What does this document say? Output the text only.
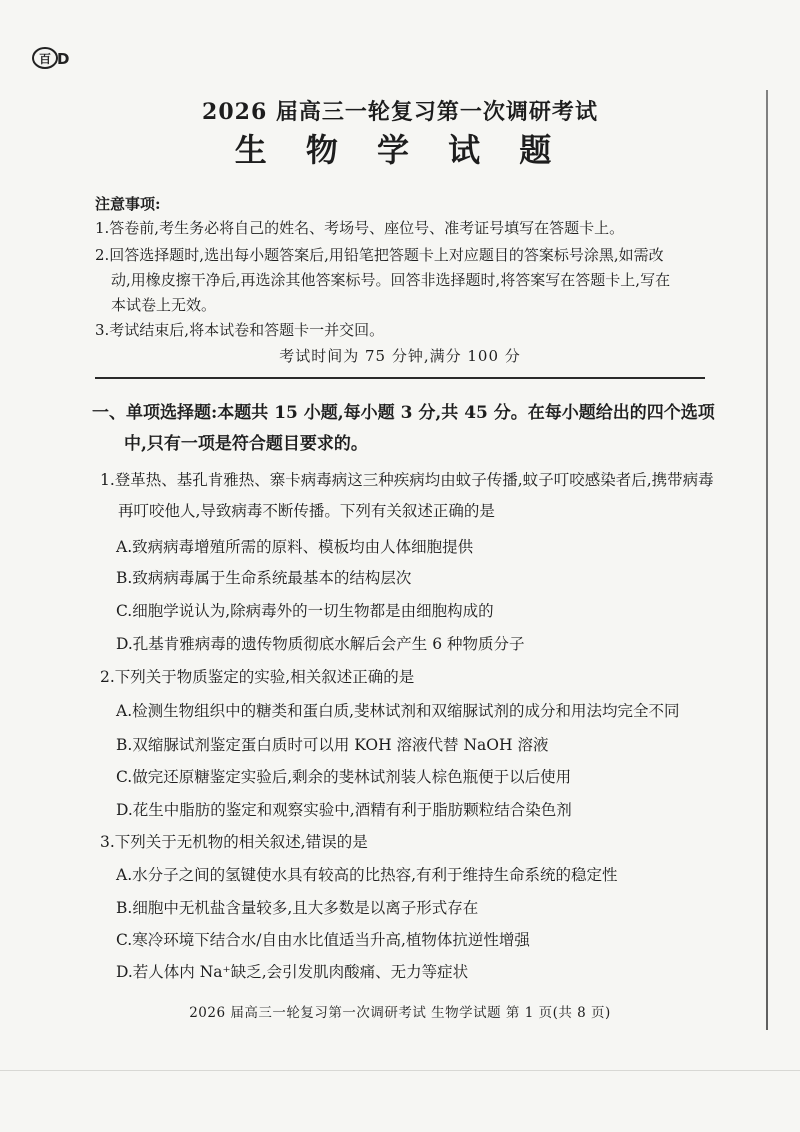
百 D
2026 届高三一轮复习第一次调研考试
生 物 学 试 题
注意事项:
1.答卷前,考生务必将自己的姓名、考场号、座位号、准考证号填写在答题卡上。
2.回答选择题时,选出每小题答案后,用铅笔把答题卡上对应题目的答案标号涂黑,如需改
动,用橡皮擦干净后,再选涂其他答案标号。回答非选择题时,将答案写在答题卡上,写在
本试卷上无效。
3.考试结束后,将本试卷和答题卡一并交回。
考试时间为 75 分钟,满分 100 分
一、单项选择题:本题共 15 小题,每小题 3 分,共 45 分。在每小题给出的四个选项
中,只有一项是符合题目要求的。
1.登革热、基孔肯雅热、寨卡病毒病这三种疾病均由蚊子传播,蚊子叮咬感染者后,携带病毒
再叮咬他人,导致病毒不断传播。下列有关叙述正确的是
A.致病病毒增殖所需的原料、模板均由人体细胞提供
B.致病病毒属于生命系统最基本的结构层次
C.细胞学说认为,除病毒外的一切生物都是由细胞构成的
D.孔基肯雅病毒的遗传物质彻底水解后会产生 6 种物质分子
2.下列关于物质鉴定的实验,相关叙述正确的是
A.检测生物组织中的糖类和蛋白质,斐林试剂和双缩脲试剂的成分和用法均完全不同
B.双缩脲试剂鉴定蛋白质时可以用 KOH 溶液代替 NaOH 溶液
C.做完还原糖鉴定实验后,剩余的斐林试剂装人棕色瓶便于以后使用
D.花生中脂肪的鉴定和观察实验中,酒精有利于脂肪颗粒结合染色剂
3.下列关于无机物的相关叙述,错误的是
A.水分子之间的氢键使水具有较高的比热容,有利于维持生命系统的稳定性
B.细胞中无机盐含量较多,且大多数是以离子形式存在
C.寒冷环境下结合水/自由水比值适当升高,植物体抗逆性增强
D.若人体内 Na⁺缺乏,会引发肌肉酸痛、无力等症状
2026 届高三一轮复习第一次调研考试 生物学试题 第 1 页(共 8 页)
